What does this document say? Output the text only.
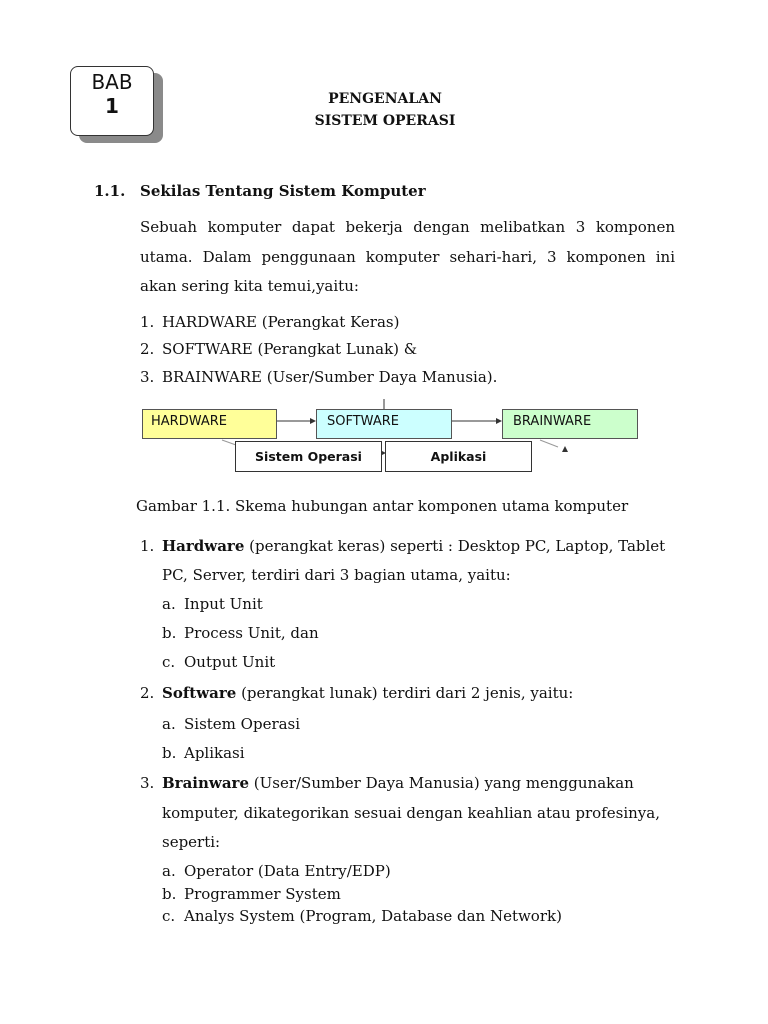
BAB
1	PENGENALAN
SISTEM OPERASI
1.1. Sekilas Tentang Sistem Komputer

Sebuah komputer dapat bekerja dengan melibatkan 3 komponen
utama. Dalam penggunaan komputer sehari-hari, 3 komponen ini
akan sering kita temui,yaitu:

1. HARDWARE (Perangkat Keras)
2. SOFTWARE (Perangkat Lunak) &
3. BRAINWARE (User/Sumber Daya Manusia).
HARDWARE	SOFTWARE	BRAINWARE
Sistem Operasi	Aplikasi
Gambar 1.1. Skema hubungan antar komponen utama komputer
1. Hardware (perangkat keras) seperti : Desktop PC, Laptop, Tablet
PC, Server, terdiri dari 3 bagian utama, yaitu:
a. Input Unit
b. Process Unit, dan
c. Output Unit
2. Software (perangkat lunak) terdiri dari 2 jenis, yaitu:
a. Sistem Operasi
b. Aplikasi
3. Brainware (User/Sumber Daya Manusia) yang menggunakan
komputer, dikategorikan sesuai dengan keahlian atau profesinya,
seperti:
a. Operator (Data Entry/EDP)
b. Programmer System
c. Analys System (Program, Database dan Network)
